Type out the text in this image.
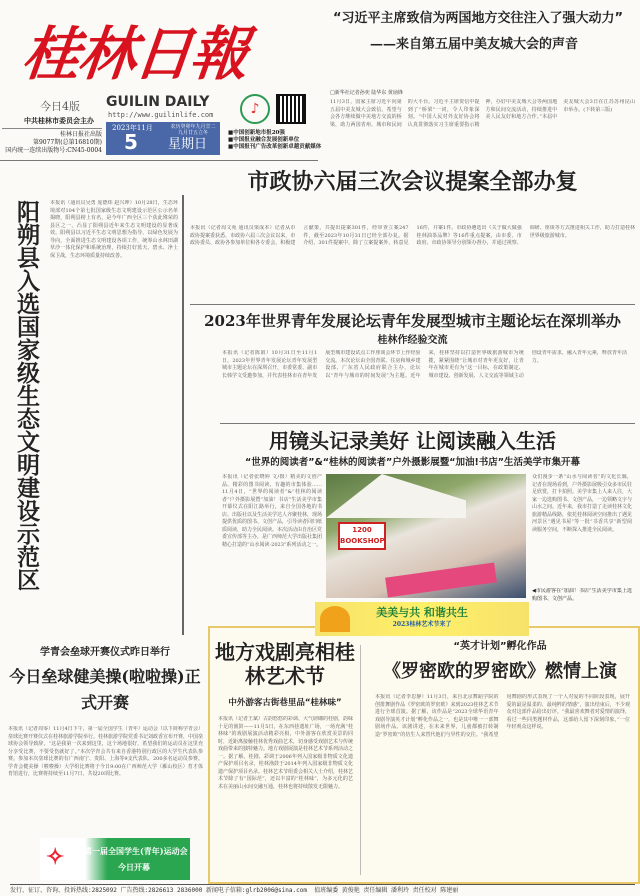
桂林日報
今日4版
中共桂林市委员会主办
桂林日报社出版
第9077期(总第16810期)
国内统一连续出版物号:CN45-0004
GUILIN DAILY
http://www.guilinlife.com
2023年11月
5
农历癸卯年九月廿二 九月廿五立冬
星期日
♪
■中国创新地市报20强
■中国报业融合发展创新单位
■中国报刊广告改革创新卓越贡献媒体
“习近平主席致信为两国地方交往注入了强大动力”
——来自第五届中美友城大会的声音
□新华社记者孙奕 陆华东 黄垴锋
11月3日，国家主席习近平向第五届中美友城大会致信。希望与会各方继续做中美地方交流的桥梁，助力两国省州、城市和民间的大平台。习近平主席贺信中提到了“桥梁”一词，令人印象深刻。“中国人民对外友好协会将认真贯彻落实习主席重要指示精神，办好中美友城大会等两国地方和民间交流活动，持续推进中美人民友好和地方合作。”本届中美友城大会3日在江苏苏州昆山市举办。(下转第三版)
阳朔县入选国家级生态文明建设示范区	本报讯（通讯员吴勇 庞德炜 赵兴坤）10月28日，生态环境部对104个第七批国家级生态文明建设示范区公示名单揭晓，阳朔县榜上有名，是今年广西全区三个获此殊荣的县区之一，凸显了阳朔县近年来生态文明建设的显著成效。阳朔县以习近平生态文明思想为指导，以绿色发展为导向，全面推进生态文明建设各项工作，统筹山水林田湖草沙一体化保护和系统治理，持续打好蓝天、碧水、净土保卫战，生态环境质量持续改善。
市政协六届三次会议提案全部办复
本报讯（记者周文苑 通讯员梁成本）记者从市政协提案委获悉，市政协六届三次会议以来，市政协委员、政协各参加单位和各专委会，积极建言献策，共提出提案301件，经审查立案247件，截至2023年10月31日已经全部办复。据介绍，301件提案中，除了立案提案外，转意见16件，并案1件。市政协遴选出《关于做大做强桂林油茶品牌》等16件重点提案，由市委、市政府、市政协领导分别领办督办，并通过视察、调研、座谈等方式推进相关工作，助力打造桂林世界级旅游城市。
2023年世界青年发展论坛青年发展型城市主题论坛在深圳举办
桂林作经验交流
本报讯（记者陈娟）10月31日至11月1日，2023年世界青年发展论坛青年发展型城市主题论坛在深圳召开，市委常委、副市长韩学文受邀参加，并代表桂林市在青年发展型城市建设试点工作座谈会环节上作经验交流。本次论坛由全国青联、住房和城乡建设部、广东省人民政府联合主办，论坛以“青年与城市的时间发展”为主题。近年来，桂林坚持以打造世界级旅游城市为统揽，紧紧围绕“让城市对青年更友好，让青年在城市更有为”这一目标，在政策制定、城市建设、创新发展、人文交流等领域主动创设青年需求，融入青年元素，释放青年活力。
用镜头记录美好 让阅读融入生活
“世界的阅读者”&“桂林的阅读者”户外摄影展暨“加油!书店”生活美学市集开幕
本报讯（记者张晓婷 文/摄）精美的文创产品、精彩的图书阅读、有趣的市集体验……11月4日，“世界的阅读者”&“桂林的阅读者”户外摄影展暨“加油！书店”生活美学市集开幕仪式在阳江路举行，来自全国各地的书店、出版社以及生活美学达人齐聚桂林，现场提供优质的图书、文创产品，引导读者回归纸质阅读，助力全民阅读。本次活动由自治区党委宣传部等主办，是广西师范大学出版社集团精心打造的“山水阅读·2023”系列活动之一。
1200 BOOKSHOP
众们漫步一条“山水与阅读者”的文化长廊，记者在现场看到，户外摄影展吸引众多市民驻足欣赏，打卡拍照。美学市集上人来人往，大家一边选购图书、文创产品，一边领略文字与山水之间。近年来，我市打造了走读桂林文化旅游精品线路，依托桂林阅读空间推出了遇见河景区“遇见书屋”等一批“书香共享”新型阅读服务空间，不断探入推进全民阅读。
◀市民游客在“加油！书店”生活美学市集上选购图书、文创产品。
美美与共 和谐共生
2023桂林艺术节来了
地方戏剧亮相桂林艺术节
中外游客古街巷里品“桂林味”
本报讯（记者王斌）古韵悠悠的彩调、大气磅礴的桂剧，韵味十足的渔鼓——11月5日，在东西巷遗址广场，一场充满“桂林味”的戏剧展演活动精彩亮相，中外游客在欣赏美景的同时，近距离接触桂林优秀戏曲艺术，切身感受戏剧艺术与传统戏曲带来的独特魅力。地方戏剧展演是桂林艺术节系列活动之一。据了解，桂剧、彩调于2006年列入国家级非物质文化遗产保护项目名录，桂林渔鼓于2014年列入国家级非物质文化遗产保护项目名录。桂林艺术节组委会相关人士介绍，桂林艺术节除了有“国际范”，还以丰富的“桂林味”，为多元化的艺术在美丽山水间交融互通，桂林也将持续散发无限魅力。
“英才计划”孵化作品
《罗密欧的罗密欧》燃情上演
本报讯（记者李思静）11月3日，来自北京舞蹈学院的创排舞剧作品《罗密欧的罗密欧》来到2023桂林艺术节进行全球首演。据了解，该作品是“2023全球华语青年戏剧导演英才计划”孵化作品之一，也是其中唯一一部舞剧场作品。该剧讲述，在未来世界，儿童都被打转制造“罗密欧”的仿生人来替代他们与异性的交往。“我希望用舞剧的形式表现了一个人对爱的不同阶段表现，展开爱的最是温柔的、最纯粹的情感”，演出结束后，不少观众对这部作品给出好评。“我最喜欢舞者对爱情的演绎，看过一些同类题材作品，这部给人留下深刻印象。”一位年轻观众这样说。
学青会垒球开赛仪式昨日举行
今日垒球健美操(啦啦操)正式开赛
本报讯（记者周零）11月4日下午，第一届全国学生（青年）运动会（以下简称学青会）垒球比赛开赛仪式在桂林旅游学院举行。桂林旅游学院党委书记刘政香宣布开赛，中国垒球协会领导致辞。“这是我第一次来到这里，这个场地很好，希望我们的运动员在这里充分享受比赛，不要受伤就好了。”本次学青会共有来自香港特别行政区的大学生代表队参赛。参加本次垒球比赛的有广西南宁、贵阳、上海等9支代表队、200多名运动员参赛。学青会健美操（啦啦操）大学组比赛将于今日9:00在广西师范大学（雁山校区）育才体育馆进行，比赛将持续至11月7日，共设20项比赛。
✧ 第一届全国学生(青年)运动会
今日开幕
发行、征订、咨询、投诉热线:2825092 广告热线:2826613 2836000 新闻电子信箱:glrb2006@sina.com 值班编委 黄俊艳 责任编辑 潘利玲 责任校对 陈建丽
